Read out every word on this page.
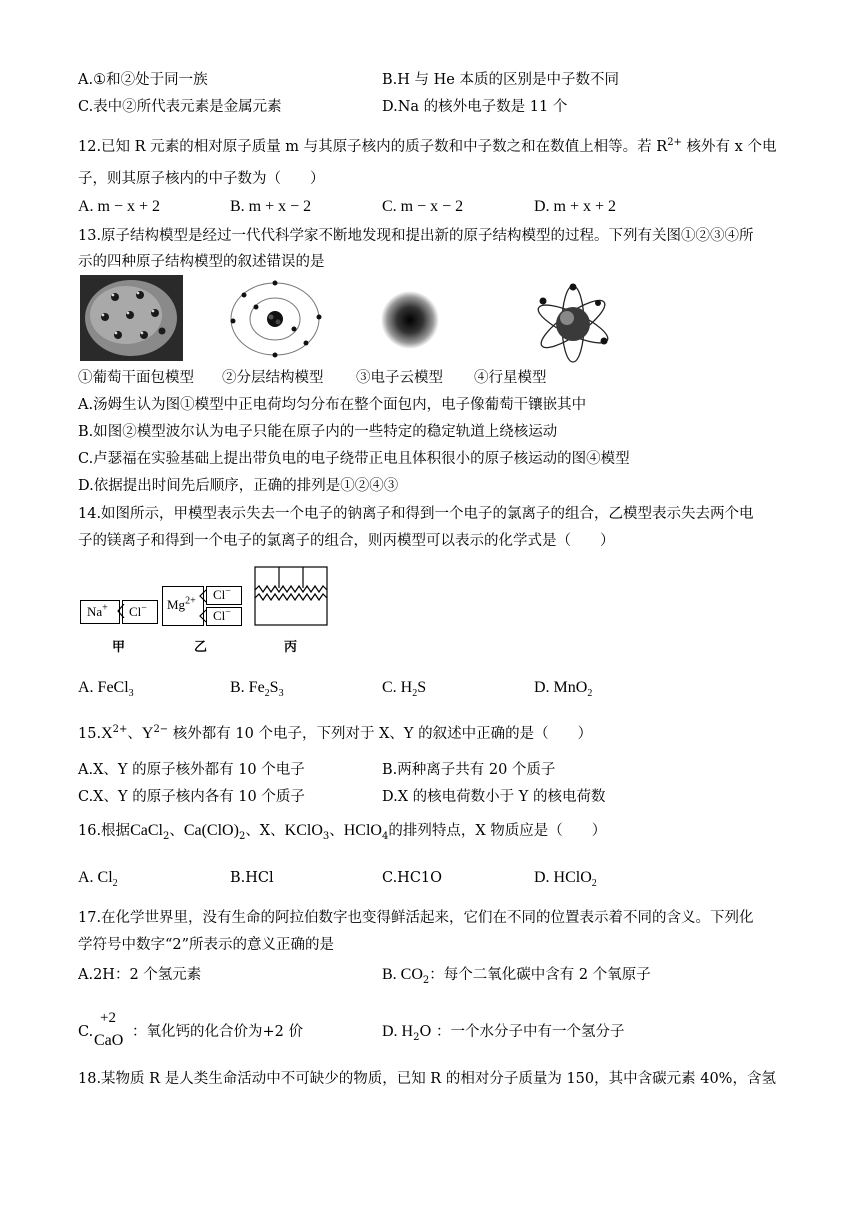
A.①和②处于同一族	B.H 与 He 本质的区别是中子数不同
C.表中②所代表元素是金属元素	D.Na 的核外电子数是 11 个
12.已知 R 元素的相对原子质量 m 与其原子核内的质子数和中子数之和在数值上相等。若 $R^{2+}$ 核外有 x 个电
子，则其原子核内的中子数为（　　）
A. m − x + 2	B. m + x − 2	C. m − x − 2	D. m + x + 2
13.原子结构模型是经过一代代科学家不断地发现和提出新的原子结构模型的过程。下列有关图①②③④所
示的四种原子结构模型的叙述错误的是
①葡萄干面包模型 ②分层结构模型 ③电子云模型 ④行星模型
A.汤姆生认为图①模型中正电荷均匀分布在整个面包内，电子像葡萄干镶嵌其中
B.如图②模型波尔认为电子只能在原子内的一些特定的稳定轨道上绕核运动
C.卢瑟福在实验基础上提出带负电的电子绕带正电且体积很小的原子核运动的图④模型
D.依据提出时间先后顺序，正确的排列是①②④③
14.如图所示，甲模型表示失去一个电子的钠离子和得到一个电子的氯离子的组合，乙模型表示失去两个电
子的镁离子和得到一个电子的氯离子的组合，则丙模型可以表示的化学式是（　　）
Na+ Cl− $Mg^{2+}$ Cl−
Cl−
甲	乙	丙
A. FeCl$_3$	B. $Fe_2S_3$	C. $H_2S$	D. MnO$_2$
$15.X^{2+}$、$Y^{2-}$ 核外都有 10 个电子，下列对于 X、Y 的叙述中正确的是（　　）
A.X、Y 的原子核外都有 10 个电子	B.两种离子共有 20 个质子
C.X、Y 的原子核内各有 10 个质子	D.X 的核电荷数小于 Y 的核电荷数
16.根据CaCl$_2$、$Ca(ClO)_2$、X、KClO$_3$、HClO$_4$的排列特点，X 物质应是（　　）
A. $Cl_2$	B.HCl	C.HC1O	D. HClO$_2$
17.在化学世界里，没有生命的阿拉伯数字也变得鲜活起来，它们在不同的位置表示着不同的含义。下列化
学符号中数字“2”所表示的意义正确的是
A.2H：2 个氢元素	B. $CO_2$：每个二氧化碳中含有 2 个氧原子
C.
+2
CaO ：氧化钙的化合价为+2 价	D. $H_2O$ ：一个水分子中有一个氢分子
18.某物质 R 是人类生命活动中不可缺少的物质，已知 R 的相对分子质量为 150，其中含碳元素 40%，含氢
